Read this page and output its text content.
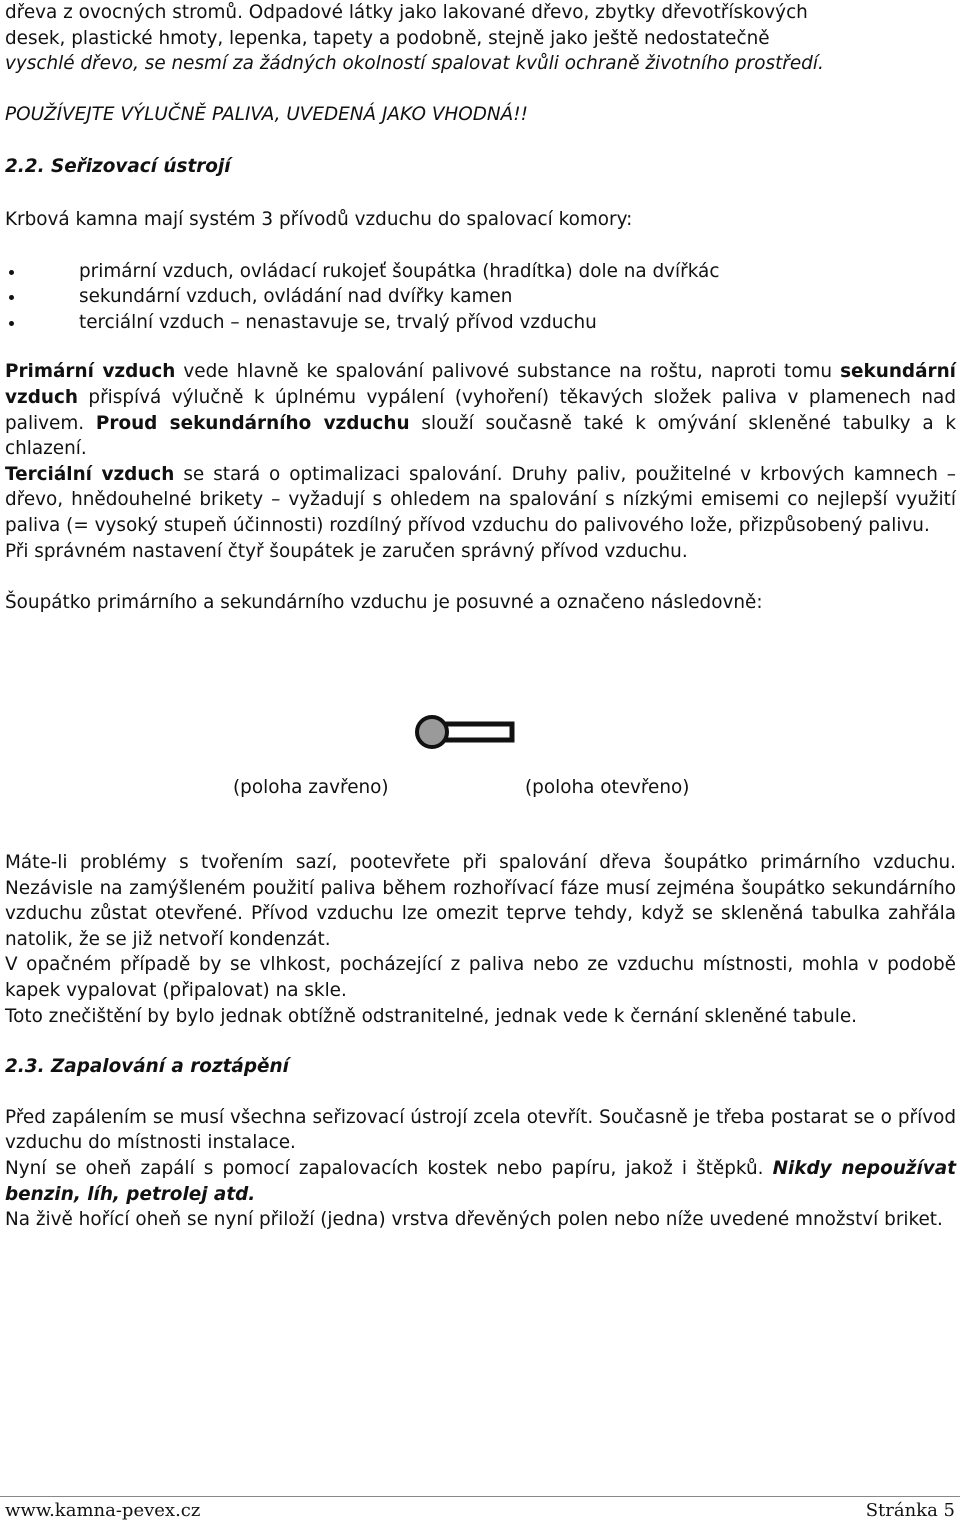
dřeva z ovocných stromů. Odpadové látky jako lakované dřevo, zbytky dřevotřískových

desek, plastické hmoty, lepenka, tapety a podobně, stejně jako ještě nedostatečně

vyschlé dřevo, se nesmí za žádných okolností spalovat kvůli ochraně životního prostředí.

POUŽÍVEJTE VÝLUČNĚ PALIVA, UVEDENÁ JAKO VHODNÁ!!

2.2. Seřizovací ústrojí

Krbová kamna mají systém 3 přívodů vzduchu do spalovací komory:

primární vzduch, ovládací rukojeť šoupátka (hradítka) dole na dvířkác
sekundární vzduch, ovládání nad dvířky kamen
terciální vzduch – nenastavuje se, trvalý přívod vzduchu

Primární vzduch vede hlavně ke spalování palivové substance na roštu, naproti tomu sekundární vzduch přispívá výlučně k úplnému vypálení (vyhoření) těkavých složek paliva v plamenech nad palivem. Proud sekundárního vzduchu slouží současně také k omývání skleněné tabulky a k chlazení.

Terciální vzduch se stará o optimalizaci spalování. Druhy paliv, použitelné v krbových kamnech – dřevo, hnědouhelné brikety – vyžadují s ohledem na spalování s nízkými emisemi co nejlepší využití paliva (= vysoký stupeň účinnosti) rozdílný přívod vzduchu do palivového lože, přizpůsobený palivu.

Při správném nastavení čtyř šoupátek je zaručen správný přívod vzduchu.

Šoupátko primárního a sekundárního vzduchu je posuvné a označeno následovně:

(poloha zavřeno)	(poloha otevřeno)

Máte-li problémy s tvořením sazí, pootevřete při spalování dřeva šoupátko primárního vzduchu. Nezávisle na zamýšleném použití paliva během rozhořívací fáze musí zejména šoupátko sekundárního vzduchu zůstat otevřené. Přívod vzduchu lze omezit teprve tehdy, když se skleněná tabulka zahřála natolik, že se již netvoří kondenzát.

V opačném případě by se vlhkost, pocházející z paliva nebo ze vzduchu místnosti, mohla v podobě kapek vypalovat (připalovat) na skle.

Toto znečištění by bylo jednak obtížně odstranitelné, jednak vede k černání skleněné tabule.

2.3. Zapalování a roztápění

Před zapálením se musí všechna seřizovací ústrojí zcela otevřít. Současně je třeba postarat se o přívod vzduchu do místnosti instalace.

Nyní se oheň zapálí s pomocí zapalovacích kostek nebo papíru, jakož i štěpků. Nikdy nepoužívat benzin, líh, petrolej atd.

Na živě hořící oheň se nyní přiloží (jedna) vrstva dřevěných polen nebo níže uvedené množství briket.

www.kamna-pevex.cz	Stránka 5
